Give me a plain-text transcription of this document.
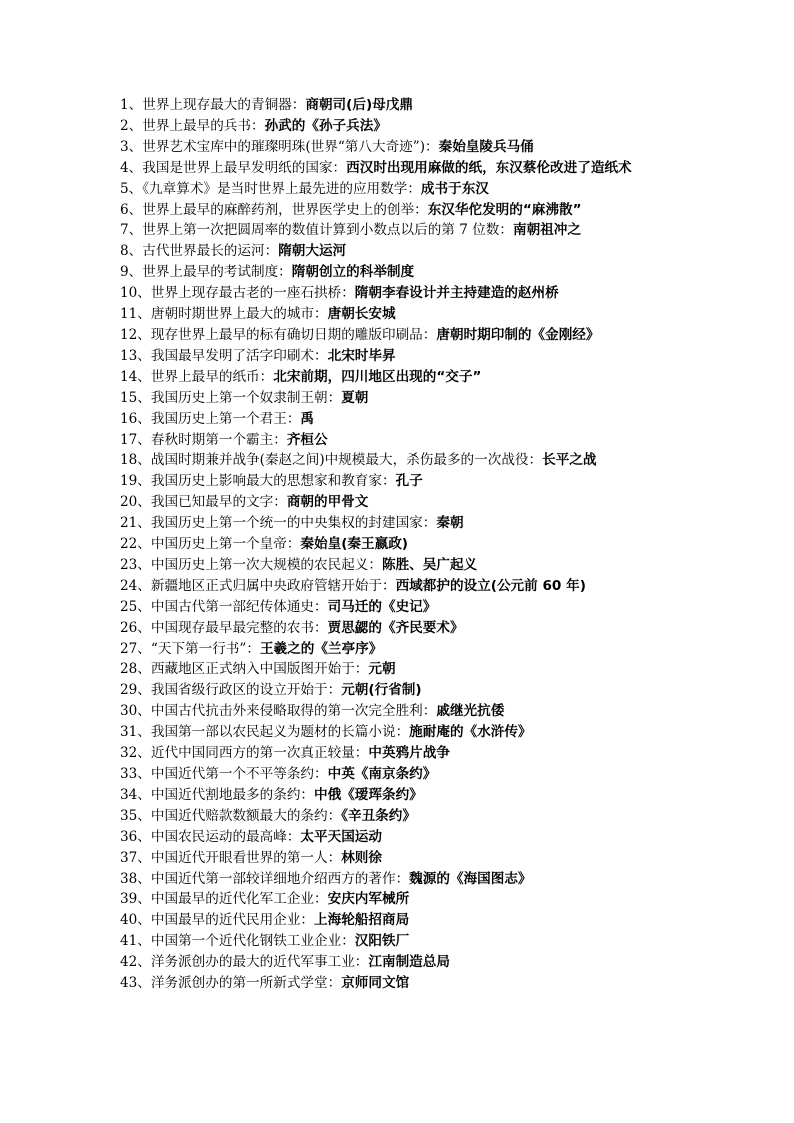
1、世界上现存最大的青铜器：商朝司(后)母戊鼎

2、世界上最早的兵书：孙武的《孙子兵法》

3、世界艺术宝库中的璀璨明珠(世界“第八大奇迹”)：秦始皇陵兵马俑

4、我国是世界上最早发明纸的国家：西汉时出现用麻做的纸，东汉蔡伦改进了造纸术

5、《九章算术》是当时世界上最先进的应用数学：成书于东汉

6、世界上最早的麻醉药剂，世界医学史上的创举：东汉华佗发明的“麻沸散”

7、世界上第一次把圆周率的数值计算到小数点以后的第 7 位数：南朝祖冲之

8、古代世界最长的运河：隋朝大运河

9、世界上最早的考试制度：隋朝创立的科举制度

10、世界上现存最古老的一座石拱桥：隋朝李春设计并主持建造的赵州桥

11、唐朝时期世界上最大的城市：唐朝长安城

12、现存世界上最早的标有确切日期的雕版印刷品：唐朝时期印制的《金刚经》

13、我国最早发明了活字印刷术：北宋时毕昇

14、世界上最早的纸币：北宋前期，四川地区出现的“交子”

15、我国历史上第一个奴隶制王朝：夏朝

16、我国历史上第一个君王：禹

17、春秋时期第一个霸主：齐桓公

18、战国时期兼并战争(秦赵之间)中规模最大，杀伤最多的一次战役：长平之战

19、我国历史上影响最大的思想家和教育家：孔子

20、我国已知最早的文字：商朝的甲骨文

21、我国历史上第一个统一的中央集权的封建国家：秦朝

22、中国历史上第一个皇帝：秦始皇(秦王嬴政)

23、中国历史上第一次大规模的农民起义：陈胜、吴广起义

24、新疆地区正式归属中央政府管辖开始于：西域都护的设立(公元前 60 年)

25、中国古代第一部纪传体通史：司马迁的《史记》

26、中国现存最早最完整的农书：贾思勰的《齐民要术》

27、“天下第一行书”：王羲之的《兰亭序》

28、西藏地区正式纳入中国版图开始于：元朝

29、我国省级行政区的设立开始于：元朝(行省制)

30、中国古代抗击外来侵略取得的第一次完全胜利：戚继光抗倭

31、我国第一部以农民起义为题材的长篇小说：施耐庵的《水浒传》

32、近代中国同西方的第一次真正较量：中英鸦片战争

33、中国近代第一个不平等条约：中英《南京条约》

34、中国近代割地最多的条约：中俄《瑷珲条约》

35、中国近代赔款数额最大的条约：《辛丑条约》

36、中国农民运动的最高峰：太平天国运动

37、中国近代开眼看世界的第一人：林则徐

38、中国近代第一部较详细地介绍西方的著作：魏源的《海国图志》

39、中国最早的近代化军工企业：安庆内军械所

40、中国最早的近代民用企业：上海轮船招商局

41、中国第一个近代化钢铁工业企业：汉阳铁厂

42、洋务派创办的最大的近代军事工业：江南制造总局

43、洋务派创办的第一所新式学堂：京师同文馆
